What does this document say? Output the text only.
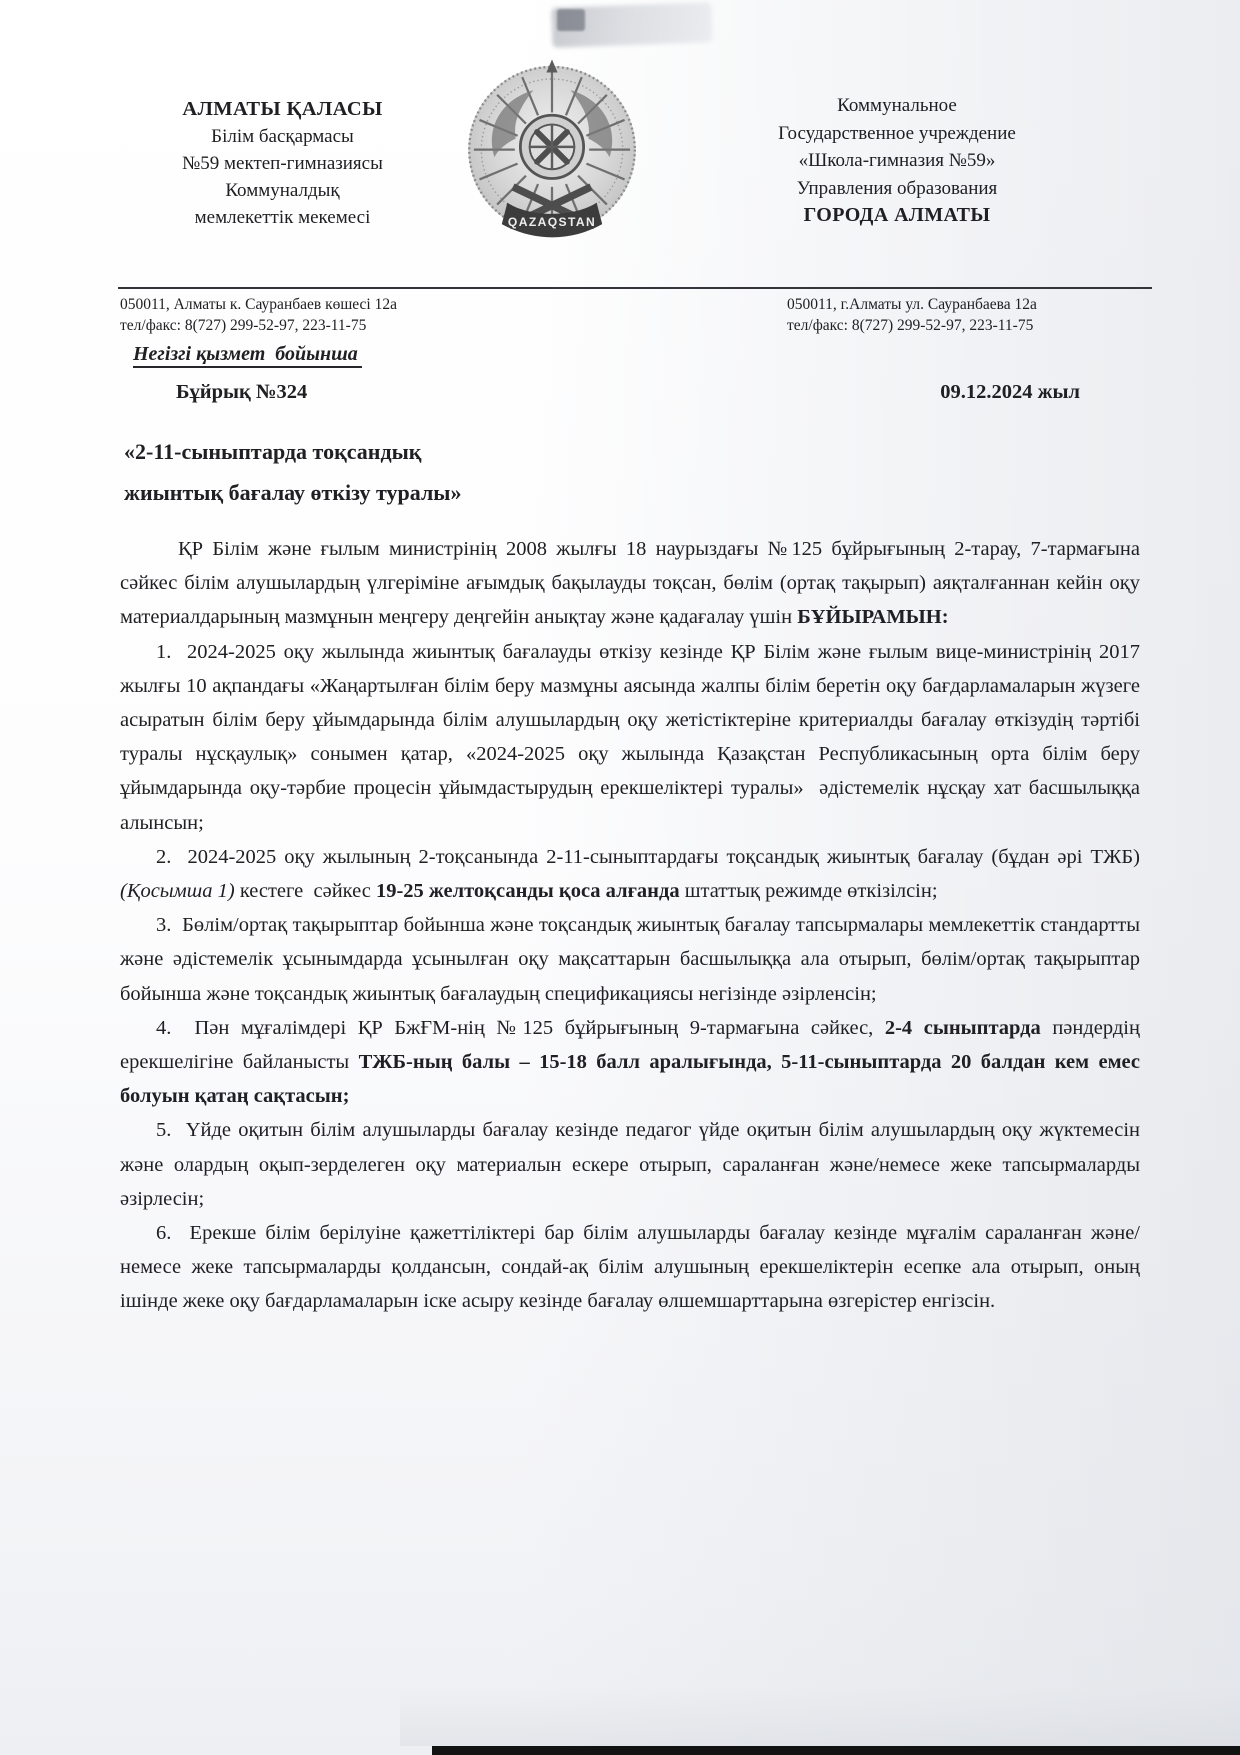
АЛМАТЫ ҚАЛАСЫ
Білім басқармасы
№59 мектеп-гимназиясы
Коммуналдық
мемлекеттік мекемесі	QAZAQSTAN
Коммунальное
Государственное учреждение
«Школа-гимназия №59»
Управления образования
ГОРОДА АЛМАТЫ
050011, Алматы к. Сауранбаев көшесі 12а
тел/факс: 8(727) 299-52-97, 223-11-75
050011, г.Алматы ул. Сауранбаева 12а
тел/факс: 8(727) 299-52-97, 223-11-75
Негізгі қызмет  бойынша
Бұйрық №324	09.12.2024 жыл
«2-11-сыныптарда тоқсандық
жиынтық бағалау өткізу туралы»

ҚР Білім және ғылым министрінің 2008 жылғы 18 наурыздағы №125 бұйрығының 2-тарау, 7-тармағына сәйкес білім алушылардың үлгеріміне ағымдық бақылауды тоқсан, бөлім (ортақ тақырып) аяқталғаннан кейін оқу материалдарының мазмұнын меңгеру деңгейін анықтау және қадағалау үшін БҰЙЫРАМЫН:

1.  2024-2025 оқу жылында жиынтық бағалауды өткізу кезінде ҚР Білім және ғылым вице-министрінің 2017 жылғы 10 ақпандағы «Жаңартылған білім беру мазмұны аясында жалпы білім беретін оқу бағдарламаларын жүзеге асыратын білім беру ұйымдарында білім алушылардың оқу жетістіктеріне критериалды бағалау өткізудің тәртібі туралы нұсқаулық» сонымен қатар, «2024-2025 оқу жылында Қазақстан Республикасының орта білім беру ұйымдарында оқу-тәрбие процесін ұйымдастырудың ерекшеліктері туралы»  әдістемелік нұсқау хат басшылыққа алынсын;

2.  2024-2025 оқу жылының 2-тоқсанында 2-11-сыныптардағы тоқсандық жиынтық бағалау (бұдан әрі ТЖБ) (Қосымша 1) кестеге  сәйкес 19-25 желтоқсанды қоса алғанда штаттық режимде өткізілсін;

3.  Бөлім/ортақ тақырыптар бойынша және тоқсандық жиынтық бағалау тапсырмалары мемлекеттік стандартты және әдістемелік ұсынымдарда ұсынылған оқу мақсаттарын басшылыққа ала отырып, бөлім/ортақ тақырыптар бойынша және тоқсандық жиынтық бағалаудың спецификациясы негізінде әзірленсін;

4.  Пән мұғалімдері ҚР БжҒМ-нің №125 бұйрығының 9-тармағына сәйкес, 2-4 сыныптарда пәндердің ерекшелігіне байланысты ТЖБ-ның балы – 15-18 балл аралығында, 5-11-сыныптарда 20 балдан кем емес болуын қатаң сақтасын;

5.  Үйде оқитын білім алушыларды бағалау кезінде педагог үйде оқитын білім алушылардың оқу жүктемесін және олардың оқып-зерделеген оқу материалын ескере отырып, сараланған және/немесе жеке тапсырмаларды әзірлесін;

6.  Ерекше білім берілуіне қажеттіліктері бар білім алушыларды бағалау кезінде мұғалім сараланған және/немесе жеке тапсырмаларды қолдансын, сондай-ақ білім алушының ерекшеліктерін есепке ала отырып, оның ішінде жеке оқу бағдарламаларын іске асыру кезінде бағалау өлшемшарттарына өзгерістер енгізсін.
